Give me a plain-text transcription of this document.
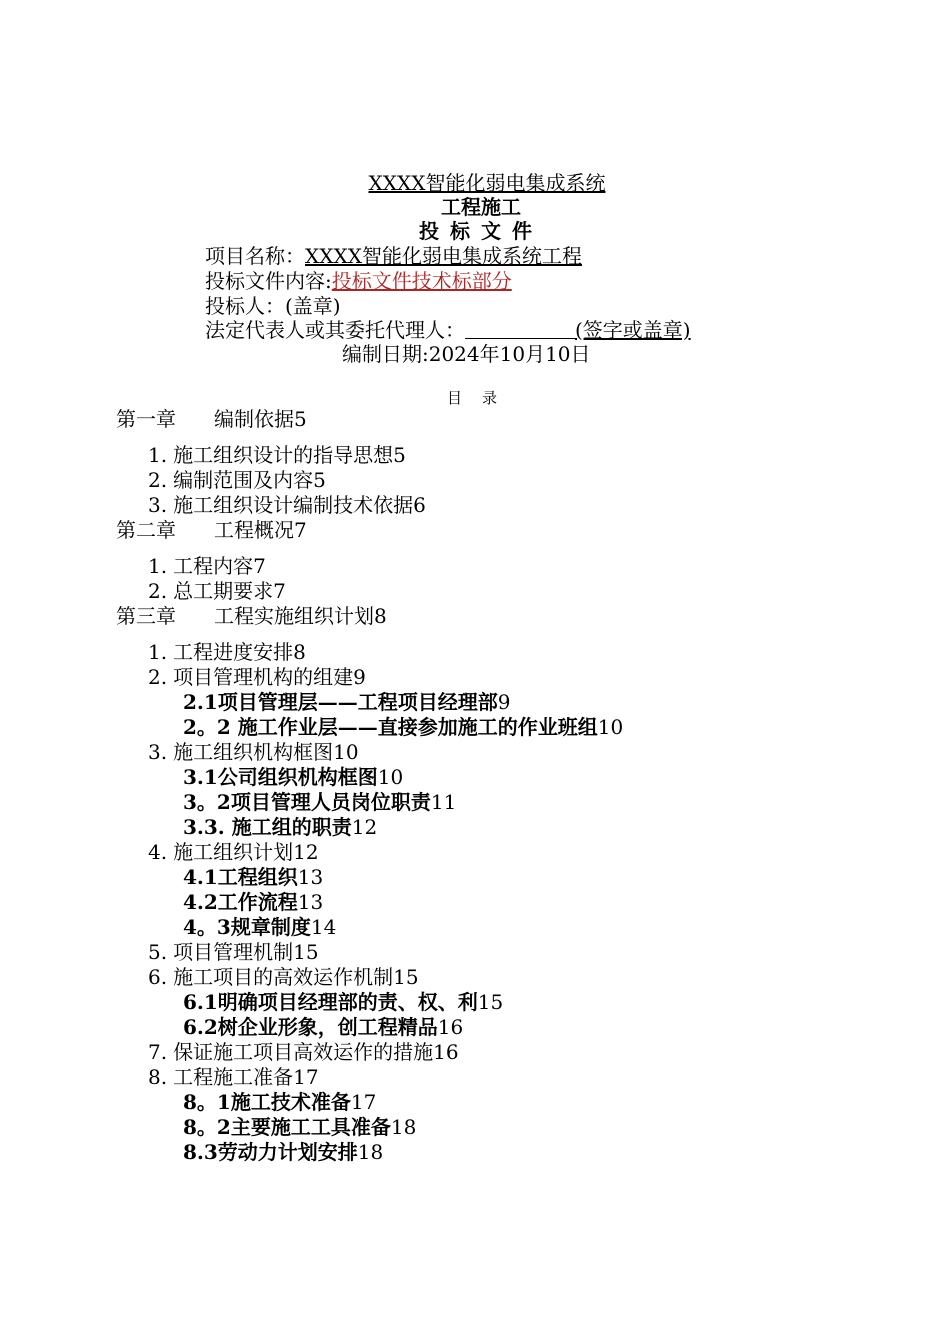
XXXX智能化弱电集成系统
工程施工
投标文件
项目名称：XXXX智能化弱电集成系统工程
投标文件内容:投标文件技术标部分
投标人：(盖章)
法定代表人或其委托代理人：	(签字或盖章)
编制日期:2024年10月10日
目录
第一章 编制依据5
1. 施工组织设计的指导思想5
2. 编制范围及内容5
3. 施工组织设计编制技术依据6
第二章 工程概况7
1. 工程内容7
2. 总工期要求7
第三章 工程实施组织计划8
1. 工程进度安排8
2. 项目管理机构的组建9
2.1项目管理层——工程项目经理部9
2。2 施工作业层——直接参加施工的作业班组10
3. 施工组织机构框图10
3.1公司组织机构框图10
3。2项目管理人员岗位职责11
3.3. 施工组的职责12
4. 施工组织计划12
4.1工程组织13
4.2工作流程13
4。3规章制度14
5. 项目管理机制15
6. 施工项目的高效运作机制15
6.1明确项目经理部的责、权、利15
6.2树企业形象，创工程精品16
7. 保证施工项目高效运作的措施16
8. 工程施工准备17
8。1施工技术准备17
8。2主要施工工具准备18
8.3劳动力计划安排18
